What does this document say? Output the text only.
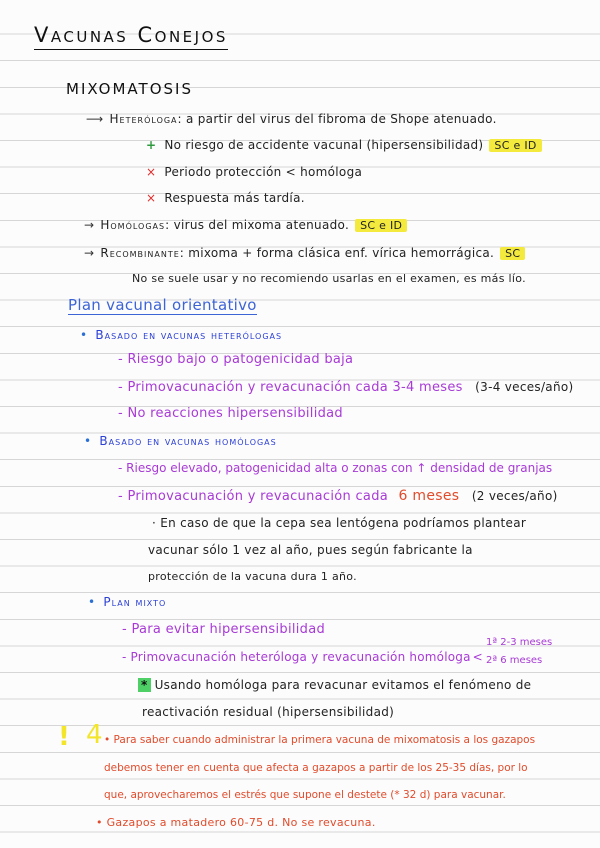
Vacunas Conejos
MIXOMATOSIS
⟶ Heteróloga: a partir del virus del fibroma de Shope atenuado.
+ No riesgo de accidente vacunal (hipersensibilidad) SC e ID
× Periodo protección < homóloga
× Respuesta más tardía.
→ Homólogas: virus del mixoma atenuado. SC e ID
→ Recombinante: mixoma + forma clásica enf. vírica hemorrágica. SC
No se suele usar y no recomiendo usarlas en el examen, es más lío.
Plan vacunal orientativo
• Basado en vacunas heterólogas
- Riesgo bajo o patogenicidad baja
- Primovacunación y revacunación cada 3-4 meses (3-4 veces/año)
- No reacciones hipersensibilidad
• Basado en vacunas homólogas
- Riesgo elevado, patogenicidad alta o zonas con ↑ densidad de granjas
- Primovacunación y revacunación cada 6 meses (2 veces/año)
· En caso de que la cepa sea lentógena podríamos plantear
vacunar sólo 1 vez al año, pues según fabricante la
protección de la vacuna dura 1 año.
• Plan mixto
- Para evitar hipersensibilidad
- Primovacunación heteróloga y revacunación homóloga <
1ª 2-3 meses
2ª 6 meses
* Usando homóloga para revacunar evitamos el fenómeno de
reactivación residual (hipersensibilidad)
! 4 • Para saber cuando administrar la primera vacuna de mixomatosis a los gazapos
debemos tener en cuenta que afecta a gazapos a partir de los 25-35 días, por lo
que, aprovecharemos el estrés que supone el destete (* 32 d) para vacunar.
• Gazapos a matadero 60-75 d. No se revacuna.
